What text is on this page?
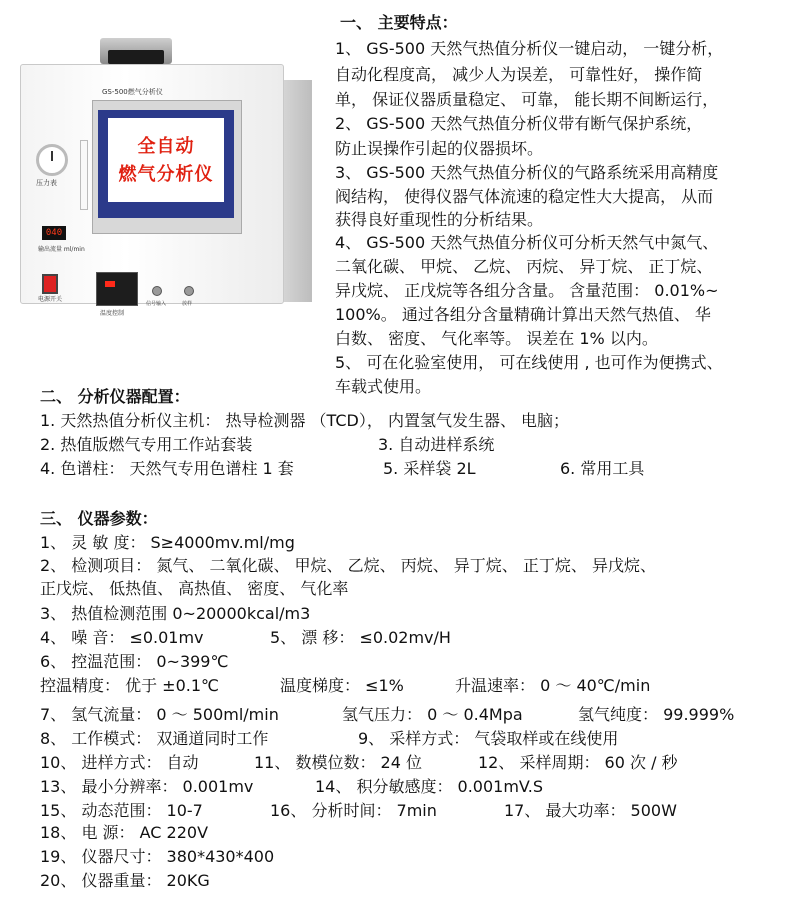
GS-500燃气分析仪
全自动
燃气分析仪
压力表
040
输出流量 ml/min
电源开关
温度控制
信号输入	放样
一、 主要特点：
1、 GS-500 天然气热值分析仪一键启动， 一键分析，
自动化程度高， 减少人为误差， 可靠性好， 操作简
单， 保证仪器质量稳定、 可靠， 能长期不间断运行，
2、 GS-500 天然气热值分析仪带有断气保护系统，
防止误操作引起的仪器损坏。
3、 GS-500 天然气热值分析仪的气路系统采用高精度
阀结构， 使得仪器气体流速的稳定性大大提高， 从而
获得良好重现性的分析结果。
4、 GS-500 天然气热值分析仪可分析天然气中氮气、
二氧化碳、 甲烷、 乙烷、 丙烷、 异丁烷、 正丁烷、
异戊烷、 正戊烷等各组分含量。 含量范围： 0.01%~
100%。 通过各组分含量精确计算出天然气热值、 华
白数、 密度、 气化率等。 误差在 1% 以内。
5、 可在化验室使用， 可在线使用 , 也可作为便携式、
车载式使用。
二、 分析仪器配置：
1. 天然热值分析仪主机： 热导检测器 （TCD）， 内置氢气发生器、 电脑；
2. 热值版燃气专用工作站套装	3. 自动进样系统
4. 色谱柱： 天然气专用色谱柱 1 套	5. 采样袋 2L	6. 常用工具
三、 仪器参数：
1、 灵 敏 度： S≥4000mv.ml/mg
2、 检测项目： 氮气、 二氧化碳、 甲烷、 乙烷、 丙烷、 异丁烷、 正丁烷、 异戊烷、
正戊烷、 低热值、 高热值、 密度、 气化率
3、 热值检测范围 0~20000kcal/m3
4、 噪 音： ≤0.01mv	5、 漂 移： ≤0.02mv/H
6、 控温范围： 0~399℃
控温精度： 优于 ±0.1℃	温度梯度： ≤1%	升温速率： 0 ～ 40℃/min
7、 氢气流量： 0 ～ 500ml/min	氢气压力： 0 ～ 0.4Mpa	氢气纯度： 99.999%
8、 工作模式： 双通道同时工作	9、 采样方式： 气袋取样或在线使用
10、 进样方式： 自动	11、 数模位数： 24 位	12、 采样周期： 60 次 / 秒
13、 最小分辨率： 0.001mv	14、 积分敏感度： 0.001mV.S
15、 动态范围： 10-7	16、 分析时间： 7min	17、 最大功率： 500W
18、 电 源： AC 220V
19、 仪器尺寸： 380*430*400
20、 仪器重量： 20KG
